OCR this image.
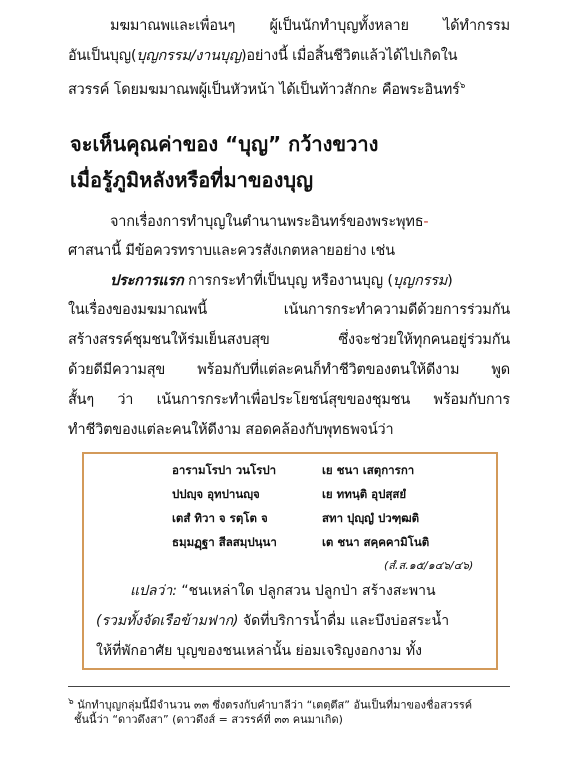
มฆมาณพและเพื่อนๆ ผู้เป็นนักทำบุญทั้งหลาย ได้ทำกรรม
อันเป็นบุญ(บุญกรรม/งานบุญ)อย่างนี้ เมื่อสิ้นชีวิตแล้วได้ไปเกิดใน
สวรรค์ โดยมฆมาณพผู้เป็นหัวหน้า ได้เป็นท้าวสักกะ คือพระอินทร์$^๖$
จะเห็นคุณค่าของ “บุญ” กว้างขวาง
เมื่อรู้ภูมิหลังหรือที่มาของบุญ
จากเรื่องการทำบุญในตำนานพระอินทร์ของพระพุทธ-
ศาสนานี้ มีข้อควรทราบและควรสังเกตหลายอย่าง เช่น
ประการแรก การกระทำที่เป็นบุญ หรืองานบุญ (บุญกรรม)
ในเรื่องของมฆมาณพนี้ เน้นการกระทำความดีด้วยการร่วมกัน
สร้างสรรค์ชุมชนให้ร่มเย็นสงบสุข ซึ่งจะช่วยให้ทุกคนอยู่ร่วมกัน
ด้วยดีมีความสุข พร้อมกับที่แต่ละคนก็ทำชีวิตของตนให้ดีงาม พูด
สั้นๆ ว่า เน้นการกระทำเพื่อประโยชน์สุขของชุมชน พร้อมกับการ
ทำชีวิตของแต่ละคนให้ดีงาม สอดคล้องกับพุทธพจน์ว่า
อารามโรปา วนโรปา	เย ชนา เสตุการกา
ปปญฺจ อุทปานญฺจ	เย ททนฺติ อุปสฺสยํ
เตสํ ทิวา จ รตฺโต จ	สทา ปุญฺญํ ปวฑฺฒติ
ธมฺมฏฺฐา สีลสมฺปนฺนา	เต ชนา สคฺคคามิโนติ
(สํ.ส.๑๕/๑๔๖/๔๖)
แปลว่า: “ชนเหล่าใด ปลูกสวน ปลูกป่า สร้างสะพาน
(รวมทั้งจัดเรือข้ามฟาก) จัดที่บริการน้ำดื่ม และบึงบ่อสระน้ำ
ให้ที่พักอาศัย บุญของชนเหล่านั้น ย่อมเจริญงอกงาม ทั้ง
$^๖$ นักทำบุญกลุ่มนี้มีจำนวน ๓๓ ซึ่งตรงกับคำบาลีว่า “เตตฺตึส” อันเป็นที่มาของชื่อสวรรค์
ชั้นนี้ว่า “ดาวดึงสา” (ดาวดึงส์ = สวรรค์ที่ ๓๓ คนมาเกิด)
